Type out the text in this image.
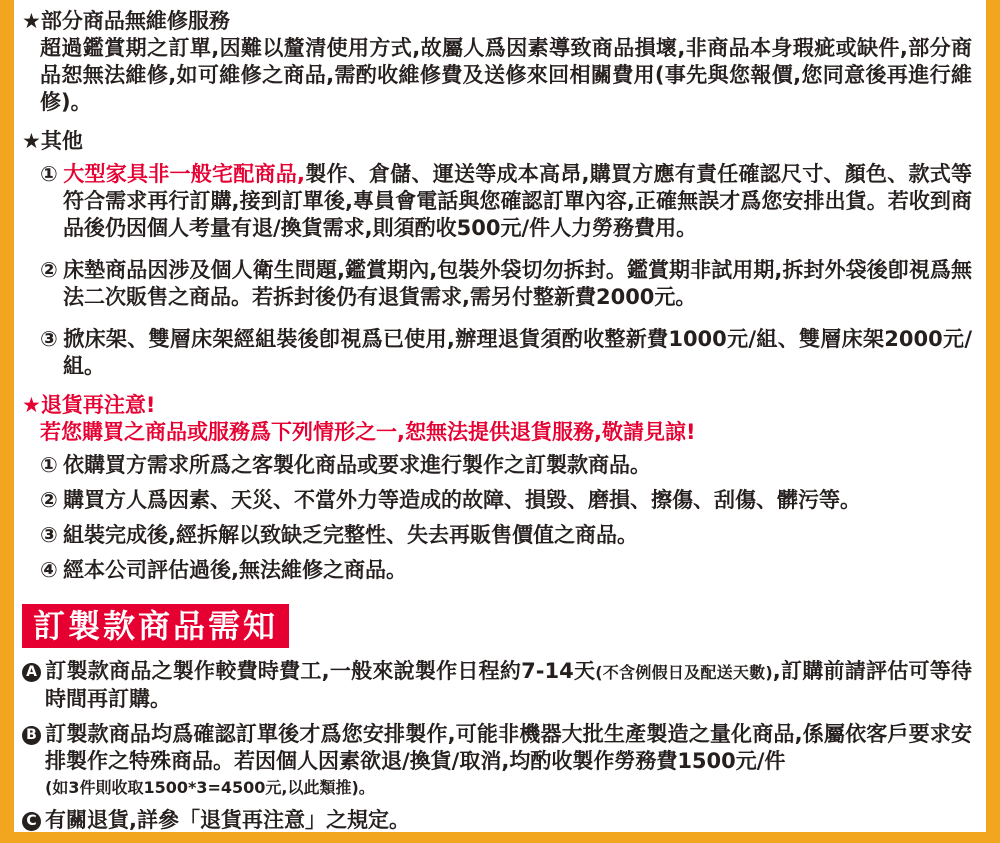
★部分商品無維修服務

超過鑑賞期之訂單,因難以釐清使用方式,故屬人爲因素導致商品損壞,非商品本身瑕疵或缺件,部分商品恕無法維修,如可維修之商品,需酌收維修費及送修來回相關費用(事先與您報價,您同意後再進行維修)。

★其他

① 大型家具非一般宅配商品,製作、倉儲、運送等成本高昂,購買方應有責任確認尺寸、顏色、款式等符合需求再行訂購,接到訂單後,專員會電話與您確認訂單內容,正確無誤才爲您安排出貨。若收到商品後仍因個人考量有退/換貨需求,則須酌收500元/件人力勞務費用。

② 床墊商品因涉及個人衛生問題,鑑賞期內,包裝外袋切勿拆封。鑑賞期非試用期,拆封外袋後卽視爲無法二次販售之商品。若拆封後仍有退貨需求,需另付整新費2000元。

③ 掀床架、雙層床架經組裝後卽視爲已使用,辦理退貨須酌收整新費1000元/組、雙層床架2000元/組。

★退貨再注意!

若您購買之商品或服務爲下列情形之一,恕無法提供退貨服務,敬請見諒!

① 依購買方需求所爲之客製化商品或要求進行製作之訂製款商品。

② 購買方人爲因素、天災、不當外力等造成的故障、損毀、磨損、擦傷、刮傷、髒污等。

③ 組裝完成後,經拆解以致缺乏完整性、失去再販售價值之商品。

④ 經本公司評估過後,無法維修之商品。

訂製款商品需知

A 訂製款商品之製作較費時費工,一般來說製作日程約7-14天(不含例假日及配送天數),訂購前請評估可等待時間再訂購。

B 訂製款商品均爲確認訂單後才爲您安排製作,可能非機器大批生產製造之量化商品,係屬依客戶要求安排製作之特殊商品。若因個人因素欲退/換貨/取消,均酌收製作勞務費1500元/件
(如3件則收取1500*3=4500元,以此類推)。

C 有關退貨,詳參「退貨再注意」之規定。
